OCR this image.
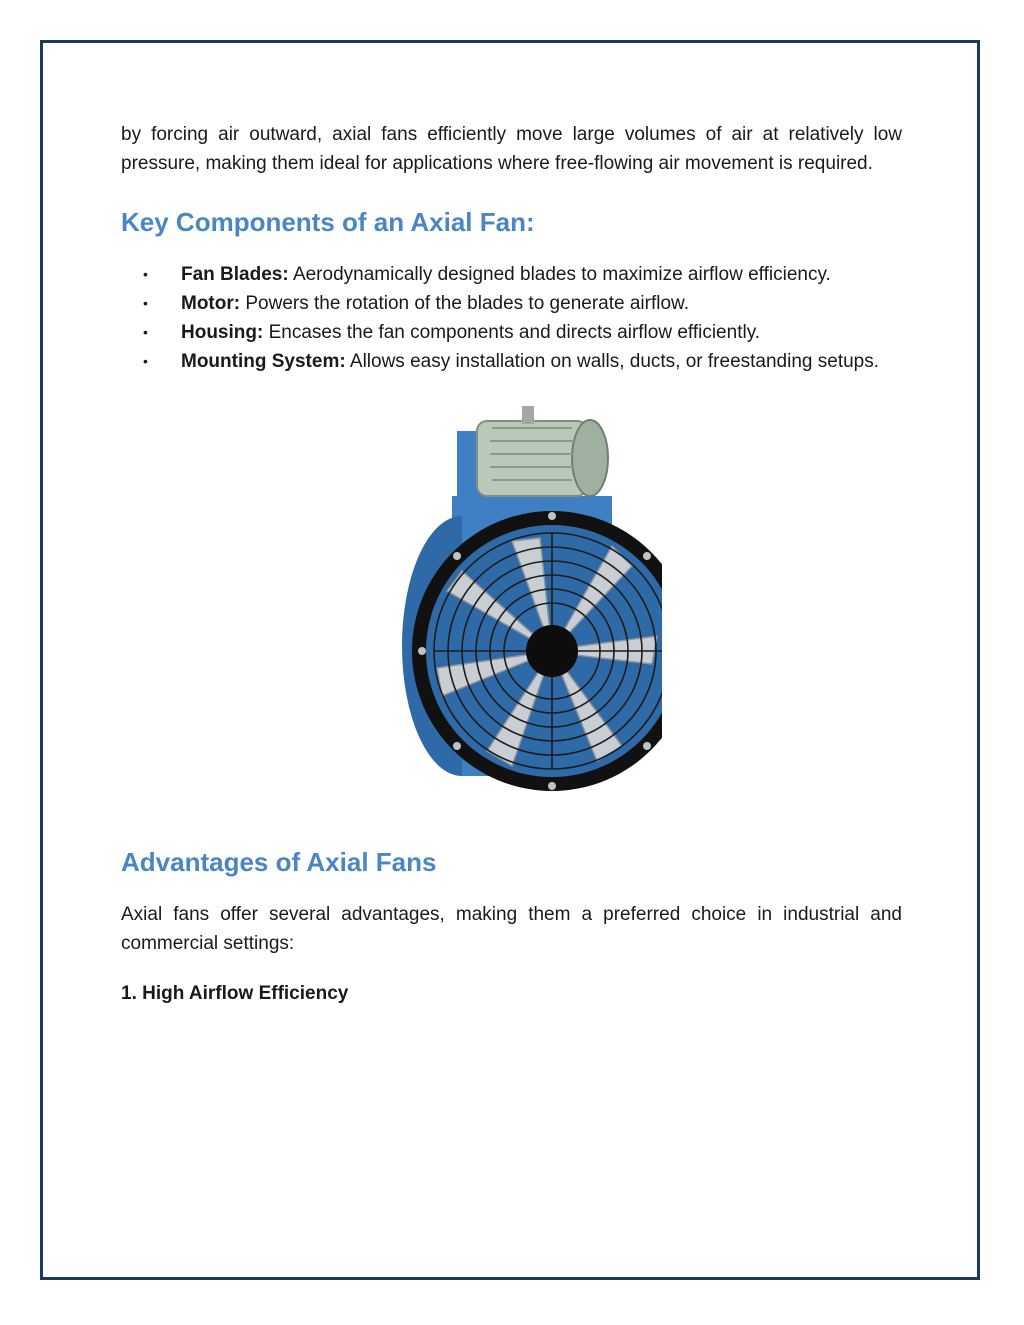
by forcing air outward, axial fans efficiently move large volumes of air at relatively low pressure, making them ideal for applications where free-flowing air movement is required.

Key Components of an Axial Fan:
• Fan Blades: Aerodynamically designed blades to maximize airflow efficiency.
• Motor: Powers the rotation of the blades to generate airflow.
• Housing: Encases the fan components and directs airflow efficiently.
• Mounting System: Allows easy installation on walls, ducts, or freestanding setups.
Advantages of Axial Fans

Axial fans offer several advantages, making them a preferred choice in industrial and commercial settings:

1. High Airflow Efficiency
